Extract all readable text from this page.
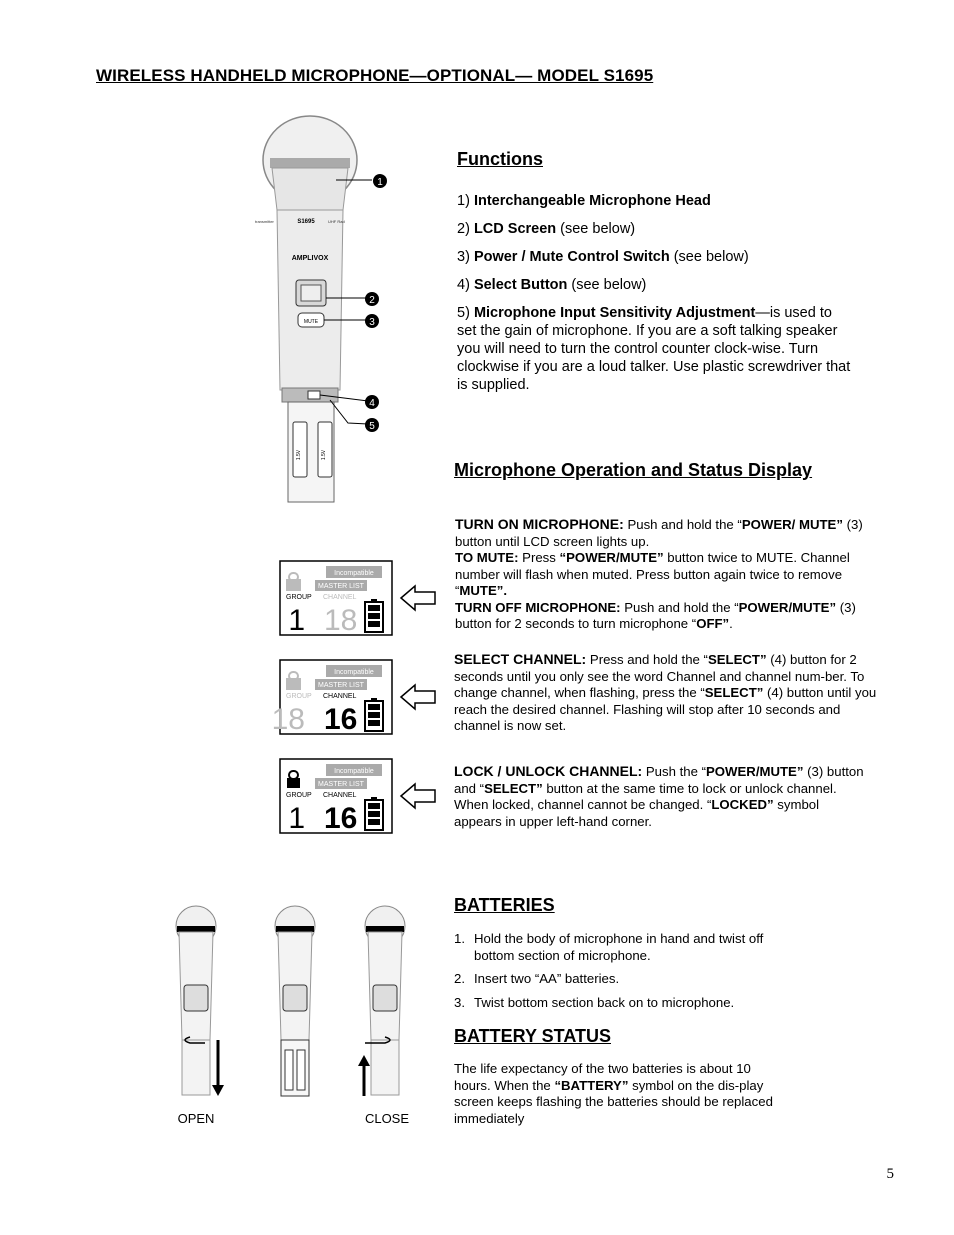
WIRELESS HANDHELD MICROPHONE—OPTIONAL— MODEL S1695
transmitter	S1695	UHF Rad
AMPLIVOX
MUTE
1.5V	1.5V
1
2
3
4
5
Functions
1) Interchangeable Microphone Head
2) LCD Screen (see below)
3) Power / Mute Control Switch (see below)
4) Select Button (see below)
5) Microphone Input Sensitivity Adjustment—is used to set the gain of microphone. If you are a soft talking speaker you will need to turn the control counter clock-wise. Turn clockwise if you are a loud talker. Use plastic screwdriver that is supplied.
Microphone Operation and Status Display
Incompatible
MASTER LIST
GROUP CHANNEL
1 18
Incompatible
MASTER LIST
GROUP CHANNEL
18 16
Incompatible
MASTER LIST
GROUP CHANNEL
1 16
TURN ON MICROPHONE: Push and hold the “POWER/ MUTE” (3) button until LCD screen lights up.
TO MUTE: Press “POWER/MUTE” button twice to MUTE. Channel number will flash when muted. Press button again twice to remove “MUTE”.
TURN OFF MICROPHONE: Push and hold the “POWER/MUTE” (3) button for 2 seconds to turn microphone “OFF”.
SELECT CHANNEL: Press and hold the “SELECT” (4) button for 2 seconds until you only see the word Channel and channel num-ber. To change channel, when flashing, press the “SELECT” (4) button until you reach the desired channel. Flashing will stop after 10 seconds and channel is now set.
LOCK / UNLOCK CHANNEL: Push the “POWER/MUTE” (3) button and “SELECT” button at the same time to lock or unlock channel. When locked, channel cannot be changed. “LOCKED” symbol appears in upper left-hand corner.
OPEN	CLOSE
BATTERIES
1. Hold the body of microphone in hand and twist off bottom section of microphone.
2. Insert two “AA” batteries.
3. Twist bottom section back on to microphone.
BATTERY STATUS
The life expectancy of the two batteries is about 10 hours. When the “BATTERY” symbol on the dis-play screen keeps flashing the batteries should be replaced immediately
5
